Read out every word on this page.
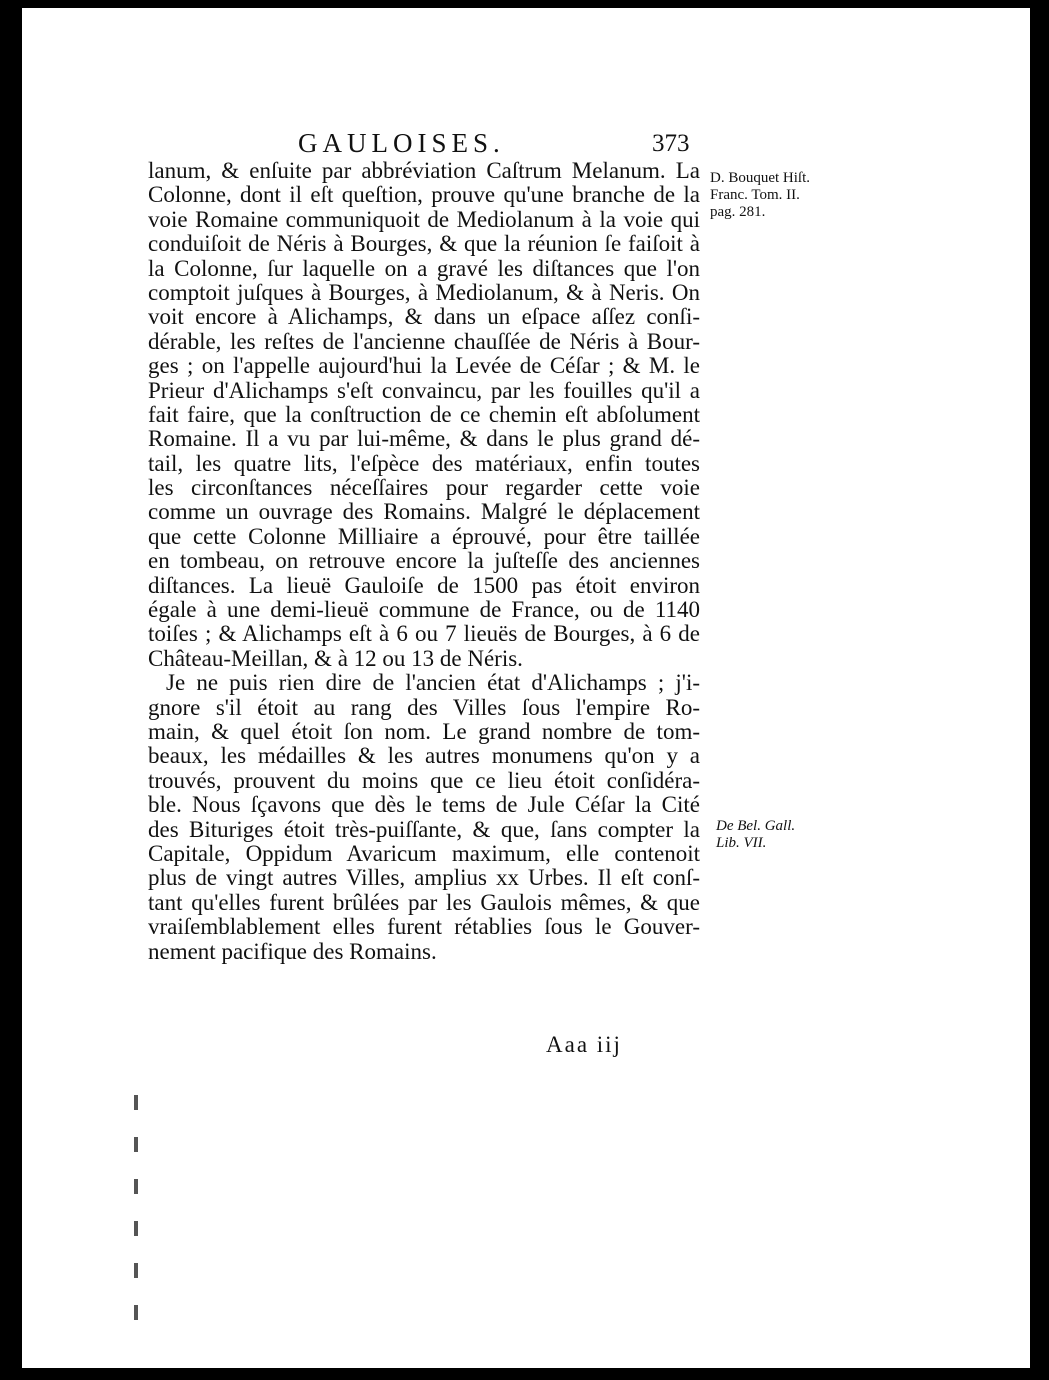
GAULOISES.	373
lanum, & enſuite par abbréviation Caſtrum Melanum. La
Colonne, dont il eſt queſtion, prouve qu'une branche de la
voie Romaine communiquoit de Mediolanum à la voie qui
conduiſoit de Néris à Bourges, & que la réunion ſe faiſoit à
la Colonne, ſur laquelle on a gravé les diſtances que l'on
comptoit juſques à Bourges, à Mediolanum, & à Neris. On
voit encore à Alichamps, & dans un eſpace aſſez conſi-
dérable, les reſtes de l'ancienne chauſſée de Néris à Bour-
ges ; on l'appelle aujourd'hui la Levée de Céſar ; & M. le
Prieur d'Alichamps s'eſt convaincu, par les fouilles qu'il a
fait faire, que la conſtruction de ce chemin eſt abſolument
Romaine. Il a vu par lui-même, & dans le plus grand dé-
tail, les quatre lits, l'eſpèce des matériaux, enfin toutes
les circonſtances néceſſaires pour regarder cette voie
comme un ouvrage des Romains. Malgré le déplacement
que cette Colonne Milliaire a éprouvé, pour être taillée
en tombeau, on retrouve encore la juſteſſe des anciennes
diſtances. La lieuë Gauloiſe de 1500 pas étoit environ
égale à une demi-lieuë commune de France, ou de 1140
toiſes ; & Alichamps eſt à 6 ou 7 lieuës de Bourges, à 6 de
Château-Meillan, & à 12 ou 13 de Néris.
Je ne puis rien dire de l'ancien état d'Alichamps ; j'i-
gnore s'il étoit au rang des Villes ſous l'empire Ro-
main, & quel étoit ſon nom. Le grand nombre de tom-
beaux, les médailles & les autres monumens qu'on y a
trouvés, prouvent du moins que ce lieu étoit conſidéra-
ble. Nous ſçavons que dès le tems de Jule Céſar la Cité
des Bituriges étoit très-puiſſante, & que, ſans compter la
Capitale, Oppidum Avaricum maximum, elle contenoit
plus de vingt autres Villes, amplius xx Urbes. Il eſt conſ-
tant qu'elles furent brûlées par les Gaulois mêmes, & que
vraiſemblablement elles furent rétablies ſous le Gouver-
nement pacifique des Romains.
D. Bouquet Hiſt.
Franc. Tom. II.
pag. 281.
De Bel. Gall.
Lib. VII.
Aaa iij
